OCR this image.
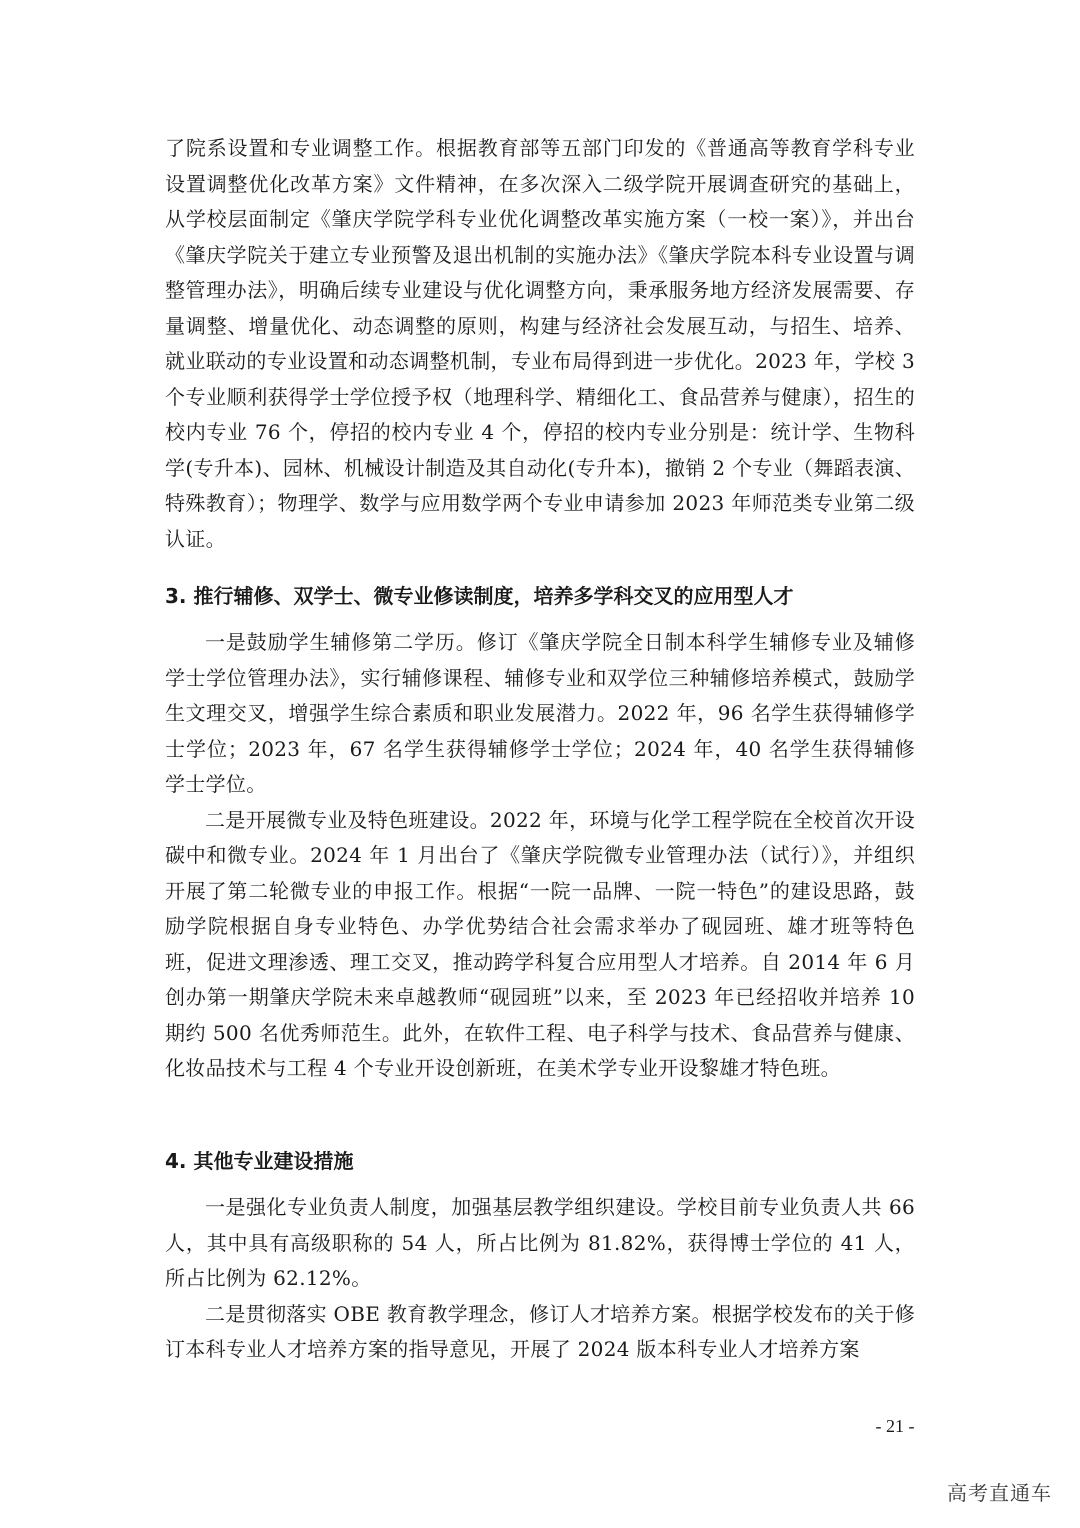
了院系设置和专业调整工作。根据教育部等五部门印发的《普通高等教育学科专业设置调整优化改革方案》文件精神，在多次深入二级学院开展调查研究的基础上，从学校层面制定《肇庆学院学科专业优化调整改革实施方案（一校一案）》，并出台《肇庆学院关于建立专业预警及退出机制的实施办法》《肇庆学院本科专业设置与调整管理办法》，明确后续专业建设与优化调整方向，秉承服务地方经济发展需要、存量调整、增量优化、动态调整的原则，构建与经济社会发展互动，与招生、培养、就业联动的专业设置和动态调整机制，专业布局得到进一步优化。2023 年，学校 3 个专业顺利获得学士学位授予权（地理科学、精细化工、食品营养与健康），招生的校内专业 76 个，停招的校内专业 4 个，停招的校内专业分别是：统计学、生物科学(专升本)、园林、机械设计制造及其自动化(专升本)，撤销 2 个专业（舞蹈表演、特殊教育）；物理学、数学与应用数学两个专业申请参加 2023 年师范类专业第二级认证。

3. 推行辅修、双学士、微专业修读制度，培养多学科交叉的应用型人才

一是鼓励学生辅修第二学历。修订《肇庆学院全日制本科学生辅修专业及辅修学士学位管理办法》，实行辅修课程、辅修专业和双学位三种辅修培养模式，鼓励学生文理交叉，增强学生综合素质和职业发展潜力。2022 年，96 名学生获得辅修学士学位；2023 年，67 名学生获得辅修学士学位；2024 年，40 名学生获得辅修学士学位。

二是开展微专业及特色班建设。2022 年，环境与化学工程学院在全校首次开设碳中和微专业。2024 年 1 月出台了《肇庆学院微专业管理办法（试行）》，并组织开展了第二轮微专业的申报工作。根据“一院一品牌、一院一特色”的建设思路，鼓励学院根据自身专业特色、办学优势结合社会需求举办了砚园班、雄才班等特色班，促进文理渗透、理工交叉，推动跨学科复合应用型人才培养。自 2014 年 6 月创办第一期肇庆学院未来卓越教师“砚园班”以来，至 2023 年已经招收并培养 10 期约 500 名优秀师范生。此外，在软件工程、电子科学与技术、食品营养与健康、化妆品技术与工程 4 个专业开设创新班，在美术学专业开设黎雄才特色班。

4. 其他专业建设措施

一是强化专业负责人制度，加强基层教学组织建设。学校目前专业负责人共 66 人，其中具有高级职称的 54 人，所占比例为 81.82%，获得博士学位的 41 人，所占比例为 62.12%。

二是贯彻落实 OBE 教育教学理念，修订人才培养方案。根据学校发布的关于修订本科专业人才培养方案的指导意见，开展了 2024 版本科专业人才培养方案

- 21 -
高考直通车
